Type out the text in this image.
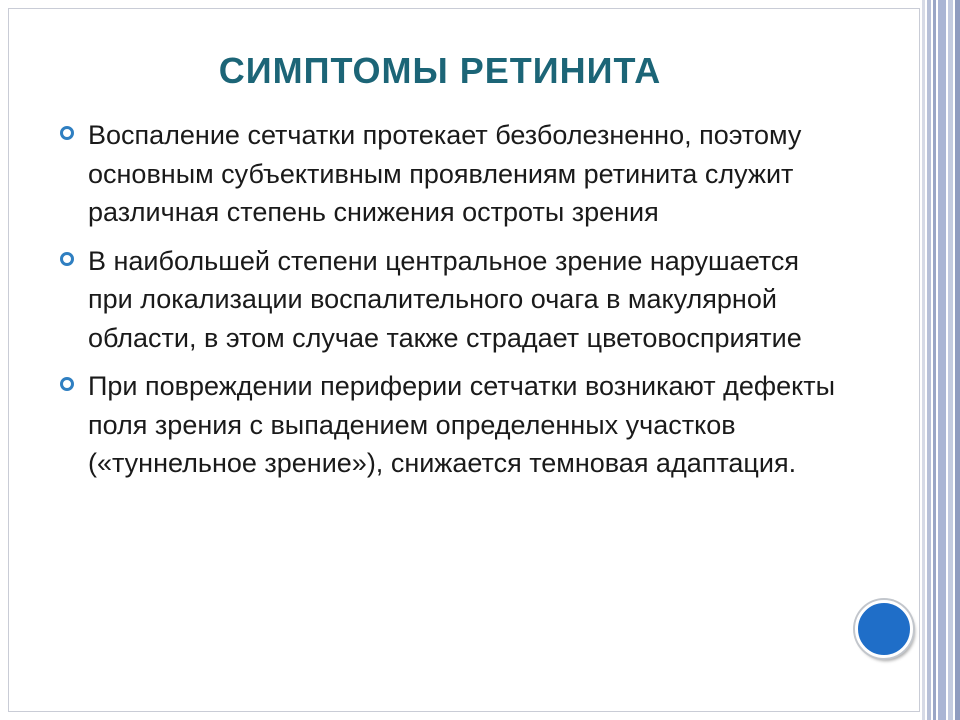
СИМПТОМЫ РЕТИНИТА
Воспаление сетчатки протекает безболезненно, поэтому основным субъективным проявлениям ретинита служит различная степень снижения остроты зрения
В наибольшей степени центральное зрение нарушается при локализации воспалительного очага в макулярной области, в этом случае также страдает цветовосприятие
При повреждении периферии сетчатки возникают дефекты поля зрения с выпадением определенных участков («туннельное зрение»), снижается темновая адаптация.
